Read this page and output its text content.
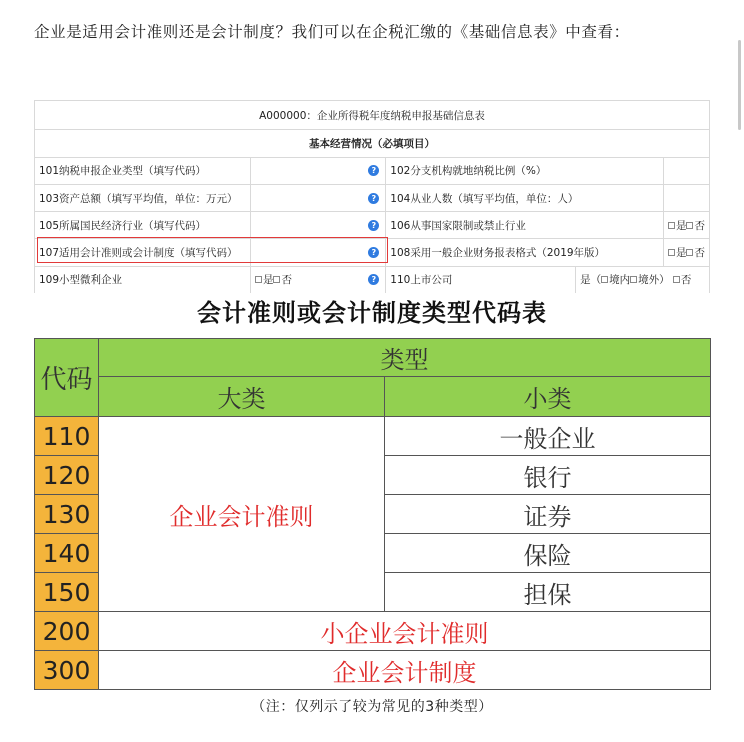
企业是适用会计准则还是会计制度？我们可以在企税汇缴的《基础信息表》中查看：
A000000：企业所得税年度纳税申报基础信息表				
基本经营情况（必填项目）				
101纳税申报企业类型（填写代码）	?	102分支机构就地纳税比例（%）		
103资产总额（填写平均值，单位：万元）	?	104从业人数（填写平均值，单位：人）		
105所属国民经济行业（填写代码）	?	106从事国家限制或禁止行业		是 否
107适用会计准则或会计制度（填写代码）	?	108采用一般企业财务报表格式（2019年版）		是 否
109小型微利企业	是 否 ?	110上市公司	是（ 境内 境外） 否	
会计准则或会计制度类型代码表
代码	类型	
	大类	小类
110	企业会计准则	一般企业
120		银行
130		证券
140		保险
150		担保
200	小企业会计准则	
300	企业会计制度	
（注：仅列示了较为常见的3种类型）
